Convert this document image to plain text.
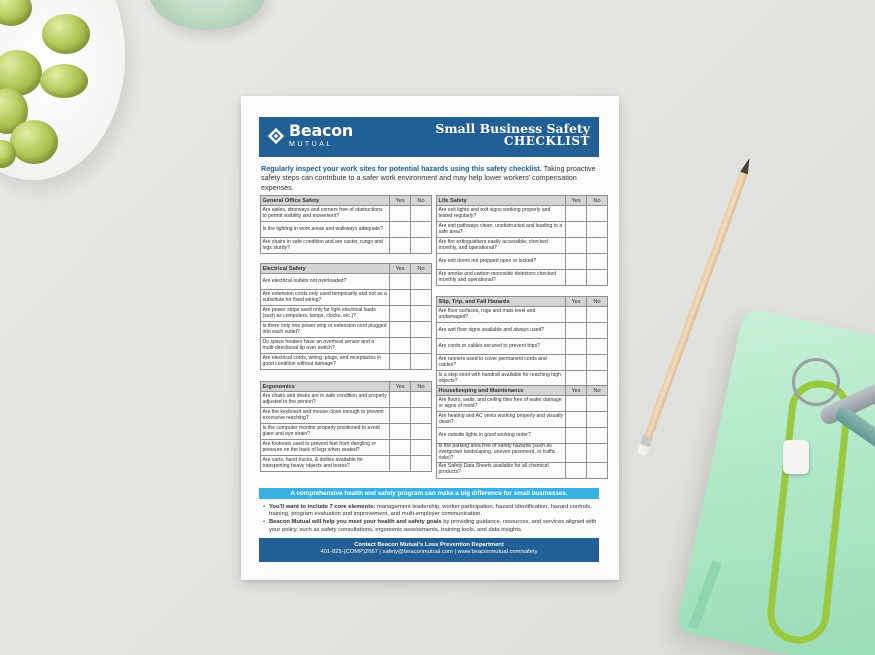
Beacon
MUTUAL
Small Business Safety
CHECKLIST
Regularly inspect your work sites for potential hazards using this safety checklist. Taking proactive safety steps can contribute to a safer work environment and may help lower workers' compensation expenses.
General Office Safety	Yes	No
Are aisles, doorways and corners free of obstructions to permit visibility and movement?		
Is the lighting in work areas and walkways adequate?		
Are chairs in safe condition and are caster, rungs and legs sturdy?		
Electrical Safety	Yes	No
Are electrical outlets not overloaded?		
Are extension cords only used temporarily and not as a substitute for fixed wiring?		
Are power strips used only for light electrical loads (such as computers, lamps, clocks, etc.)?		
Is there only one power strip or extension cord plugged into each outlet?		
Do space heaters have an overheat sensor and a multi-directional tip over switch?		
Are electrical cords, wiring, plugs, and receptacles in good condition without damage?		
Ergonomics	Yes	No
Are chairs and desks are in safe condition and properly adjusted to the person?		
Are the keyboard and mouse close enough to prevent excessive reaching?		
Is the computer monitor properly positioned to avoid glare and eye strain?		
Are footrests used to prevent feet from dangling or pressure on the back of legs when seated?		
Are carts, hand trucks, & dollies available for transporting heavy objects and boxes?		
Life Safety	Yes	No
Are exit lights and exit signs working properly and tested regularly?		
Are exit pathways clean, unobstructed and leading to a safe area?		
Are fire extinguishers easily accessible, checked monthly, and operational?		
Are exit doors not propped open or locked?		
Are smoke and carbon monoxide detectors checked monthly and operational?		
Slip, Trip, and Fall Hazards	Yes	No
Are floor surfaces, rugs and mats level and undamaged?		
Are wet floor signs available and always used?		
Are cords or cables secured to prevent trips?		
Are runners used to cover permanent cords and cables?		
Is a step stool with handrail available for reaching high objects?		
Housekeeping and Maintenance	Yes	No
Are floors, walls, and ceiling tiles free of water damage or signs of mold?		
Are heating and AC vents working properly and visually clean?		
Are outside lights in good working order?		
Is the parking area free of safety hazards (such as overgrown landscaping, uneven pavement, or traffic risks)?		
Are Safety Data Sheets available for all chemical products?		
A comprehensive health and safety program can make a big difference for small businesses.
• You'll want to include 7 core elements: management leadership, worker participation, hazard identification, hazard controls, training, program evaluation and improvement, and multi-employer communication.
• Beacon Mutual will help you meet your health and safety goals by providing guidance, resources, and services aligned with your policy, such as safety consultations, ergonomic assessments, training tools, and data insights.
Contact Beacon Mutual's Loss Prevention Department
401-825-(COMP)2667 | safety@beaconmutual.com | www.beaconmutual.com/safety
